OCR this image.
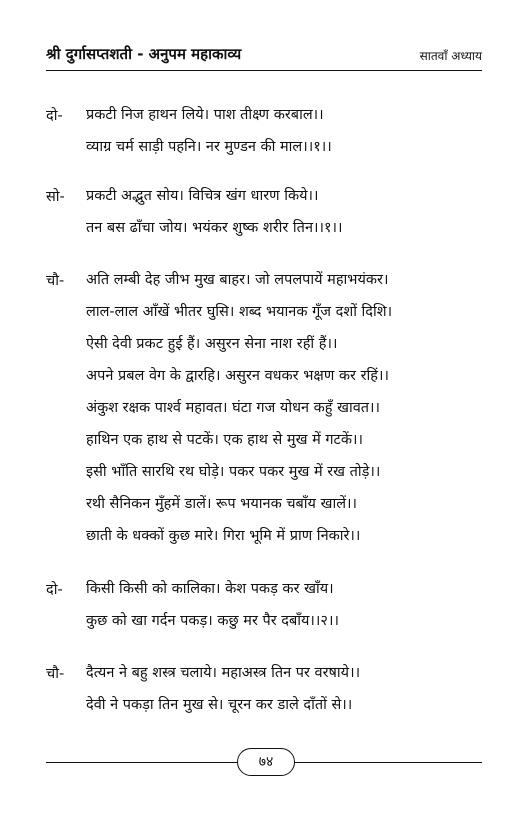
श्री दुर्गासप्तशती - अनुपम महाकाव्य	सातवाँ अध्याय
दो- प्रकटी निज हाथन लिये। पाश तीक्ष्ण करबाल।।
व्याग्र चर्म साड़ी पहनि। नर मुण्डन की माल।।१।।
सो- प्रकटी अद्भुत सोय। विचित्र खंग धारण किये।।
तन बस ढाँचा जोय। भयंकर शुष्क शरीर तिन।।१।।
चौ- अति लम्बी देह जीभ मुख बाहर। जो लपलपायें महाभयंकर।
लाल-लाल आँखें भीतर घुसि। शब्द भयानक गूँज दशों दिशि।
ऐसी देवी प्रकट हुई हैं। असुरन सेना नाश रहीं हैं।।
अपने प्रबल वेग के द्वारहि। असुरन वधकर भक्षण कर रहिं।।
अंकुश रक्षक पार्श्व महावत। घंटा गज योधन कहुँ खावत।।
हाथिन एक हाथ से पटकें। एक हाथ से मुख में गटकें।।
इसी भाँति सारथि रथ घोड़े। पकर पकर मुख में रख तोड़े।।
रथी सैनिकन मुँहमें डालें। रूप भयानक चबाँय खालें।।
छाती के धक्कों कुछ मारे। गिरा भूमि में प्राण निकारे।।
दो- किसी किसी को कालिका। केश पकड़ कर खाँय।
कुछ को खा गर्दन पकड़। कछु मर पैर दबाँय।।२।।
चौ- दैत्यन ने बहु शस्त्र चलाये। महाअस्त्र तिन पर वरषाये।।
देवी ने पकड़ा तिन मुख से। चूरन कर डाले दाँतों से।।
७४
